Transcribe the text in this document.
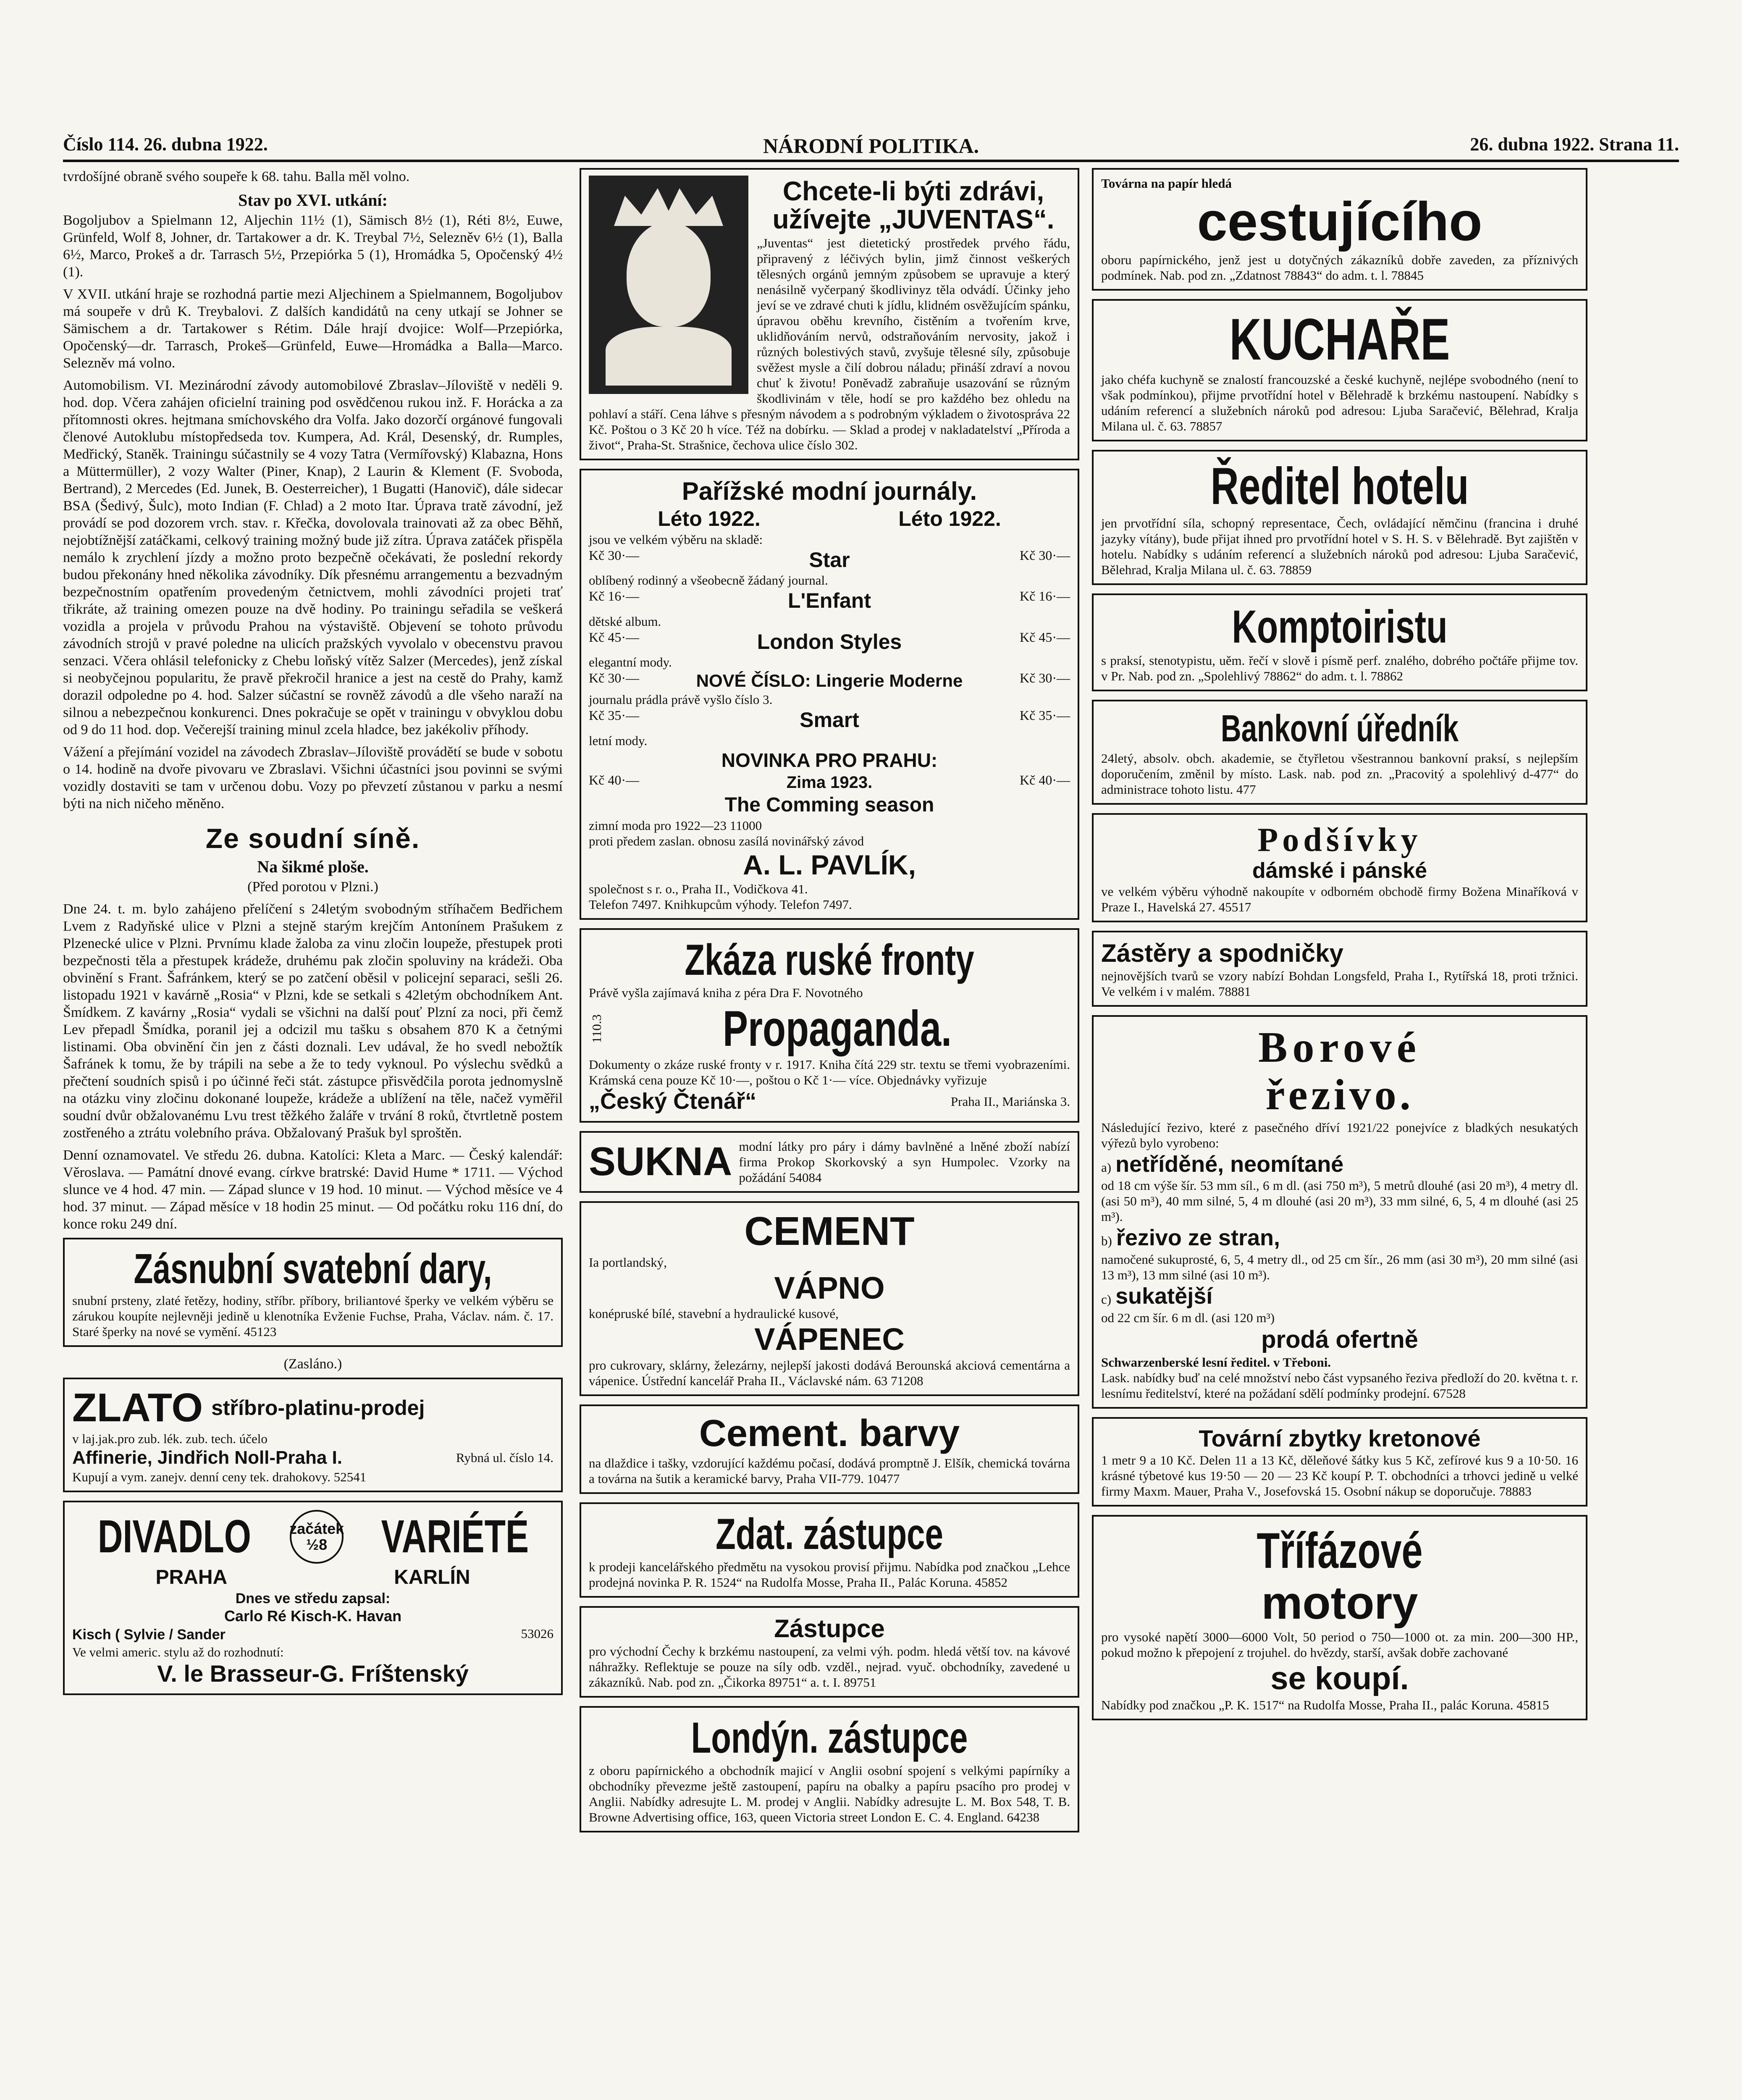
Číslo 114. 26. dubna 1922.	NÁRODNÍ POLITIKA.	26. dubna 1922. Strana 11.

tvrdošíjné obraně svého soupeře k 68. tahu. Balla měl volno.

Stav po XVI. utkání:

Bogoljubov a Spielmann 12, Aljechin 11½ (1), Sämisch 8½ (1), Réti 8½, Euwe, Grünfeld, Wolf 8, Johner, dr. Tartakower a dr. K. Treybal 7½, Selezněv 6½ (1), Balla 6½, Marco, Prokeš a dr. Tarrasch 5½, Przepiórka 5 (1), Hromádka 5, Opočenský 4½ (1).

V XVII. utkání hraje se rozhodná partie mezi Aljechinem a Spielmannem, Bogoljubov má soupeře v drů K. Treybalovi. Z dalších kandidátů na ceny utkají se Johner se Sämischem a dr. Tartakower s Rétim. Dále hrají dvojice: Wolf—Przepiórka, Opočenský—dr. Tarrasch, Prokeš—Grünfeld, Euwe—Hromádka a Balla—Marco. Selezněv má volno.

Automobilism. VI. Mezinárodní závody automobilové Zbraslav–Jíloviště v neděli 9. hod. dop. Včera zahájen oficielní training pod osvědčenou rukou inž. F. Horácka a za přítomnosti okres. hejtmana smíchovského dra Volfa. Jako dozorčí orgánové fungovali členové Autoklubu místopředseda tov. Kumpera, Ad. Král, Desenský, dr. Rumples, Medřický, Staněk. Trainingu súčastnily se 4 vozy Tatra (Vermířovský) Klabazna, Hons a Müttermüller), 2 vozy Walter (Piner, Knap), 2 Laurin & Klement (F. Svoboda, Bertrand), 2 Mercedes (Ed. Junek, B. Oesterreicher), 1 Bugatti (Hanovič), dále sidecar BSA (Šedivý, Šulc), moto Indian (F. Chlad) a 2 moto Itar. Úprava tratě závodní, jež provádí se pod dozorem vrch. stav. r. Křečka, dovolovala trainovati až za obec Běhň, nejobtížnější zatáčkami, celkový training možný bude již zítra. Úprava zatáček přispěla nemálo k zrychlení jízdy a možno proto bezpečně očekávati, že poslední rekordy budou překonány hned několika závodníky. Dík přesnému arrangementu a bezvadným bezpečnostním opatřením provedeným četnictvem, mohli závodníci projeti trať třikráte, až training omezen pouze na dvě hodiny. Po trainingu seřadila se veškerá vozidla a projela v průvodu Prahou na výstaviště. Objevení se tohoto průvodu závodních strojů v pravé poledne na ulicích pražských vyvolalo v obecenstvu pravou senzaci. Včera ohlásil telefonicky z Chebu loňský vítěz Salzer (Mercedes), jenž získal si neobyčejnou popularitu, že pravě překročil hranice a jest na cestě do Prahy, kamž dorazil odpoledne po 4. hod. Salzer súčastní se rovněž závodů a dle všeho naraží na silnou a nebezpečnou konkurenci. Dnes pokračuje se opět v trainingu v obvyklou dobu od 9 do 11 hod. dop. Večerejší training minul zcela hladce, bez jakékoliv příhody.

Vážení a přejímání vozidel na závodech Zbraslav–Jíloviště provádětí se bude v sobotu o 14. hodině na dvoře pivovaru ve Zbraslavi. Všichni účastníci jsou povinni se svými vozidly dostaviti se tam v určenou dobu. Vozy po převzetí zůstanou v parku a nesmí býti na nich ničeho měněno.

Ze soudní síně.
Na šikmé ploše.

(Před porotou v Plzni.)

Dne 24. t. m. bylo zahájeno přelíčení s 24letým svobodným stříhačem Bedřichem Lvem z Radyňské ulice v Plzni a stejně starým krejčím Antonínem Prašukem z Plzenecké ulice v Plzni. Prvnímu klade žaloba za vinu zločin loupeže, přestupek proti bezpečnosti těla a přestupek krádeže, druhému pak zločin spoluviny na krádeži. Oba obvinění s Frant. Šafránkem, který se po zatčení oběsil v policejní separaci, sešli 26. listopadu 1921 v kavárně „Rosia“ v Plzni, kde se setkali s 42letým obchodníkem Ant. Šmídkem. Z kavárny „Rosia“ vydali se všichni na další pouť Plzní za noci, při čemž Lev přepadl Šmídka, poranil jej a odcizil mu tašku s obsahem 870 K a četnými listinami. Oba obvinění čin jen z části doznali. Lev udával, že ho svedl nebožtík Šafránek k tomu, že by trápili na sebe a že to tedy vyknoul. Po výslechu svědků a přečtení soudních spisů i po účinné řeči stát. zástupce přisvědčila porota jednomyslně na otázku viny zločinu dokonané loupeže, krádeže a ublížení na těle, načež vyměřil soudní dvůr obžalovanému Lvu trest těžkého žaláře v trvání 8 roků, čtvrtletně postem zostřeného a ztrátu volebního práva. Obžalovaný Prašuk byl sproštěn.

Denní oznamovatel. Ve středu 26. dubna. Katolíci: Kleta a Marc. — Český kalendář: Věroslava. — Památní dnové evang. církve bratrské: David Hume * 1711. — Východ slunce ve 4 hod. 47 min. — Západ slunce v 19 hod. 10 minut. — Východ měsíce ve 4 hod. 37 minut. — Západ měsíce v 18 hodin 25 minut. — Od počátku roku 116 dní, do konce roku 249 dní.

Zásnubní svatební dary,
snubní prsteny, zlaté řetězy, hodiny, stříbr. příbory, briliantové šperky ve velkém výběru se zárukou koupíte nejlevněji jedině u klenotníka Evženie Fuchse, Praha, Václav. nám. č. 17. Staré šperky na nové se vymění. 45123

(Zasláno.)

ZLATO stříbro-platinu-prodej
v laj.jak.pro zub. lék. zub. tech. účelo
Affinerie, Jindřich Noll-Praha I.	Rybná ul. číslo 14.
Kupují a vym. zanejv. denní ceny tek. drahokovy. 52541
DIVADLO	začátek ½8	VARIÉTÉ
PRAHA	KARLÍN
Dnes ve středu zapsal:
Carlo Ré Kisch-K. Havan
Kisch ( Sylvie / Sander	53026
Ve velmi americ. stylu až do rozhodnutí:
V. le Brasseur-G. Fríštenský
Chcete-li býti zdrávi, užívejte „JUVENTAS“.
„Juventas“ jest dietetický prostředek prvého řádu, připravený z léčivých bylin, jimž činnost veškerých tělesných orgánů jemným způsobem se upravuje a který nenásilně vyčerpaný škodlivinyz těla odvádí. Účinky jeho jeví se ve zdravé chuti k jídlu, klidném osvěžujícím spánku, úpravou oběhu krevního, čistěním a tvořením krve, uklidňováním nervů, odstraňováním nervosity, jakož i různých bolestivých stavů, zvyšuje tělesné síly, způsobuje svěžest mysle a čilí dobrou náladu; přináší zdraví a novou chuť k životu! Poněvadž zabraňuje usazování se různým škodlivinám v těle, hodí se pro každého bez ohledu na pohlaví a stáří. Cena láhve s přesným návodem a s podrobným výkladem o životospráva 22 Kč. Poštou o 3 Kč 20 h více. Též na dobírku. — Sklad a prodej v nakladatelství „Příroda a život“, Praha-St. Strašnice, čechova ulice číslo 302.
Pařížské modní journály.
Léto 1922.	Léto 1922.
jsou ve velkém výběru na skladě:
Kč 30·—	Star	Kč 30·—
oblíbený rodinný a všeobecně žádaný journal.
Kč 16·—	L'Enfant	Kč 16·—
dětské album.
Kč 45·—	London Styles	Kč 45·—
elegantní mody.
Kč 30·—	NOVÉ ČÍSLO: Lingerie Moderne	Kč 30·—
journalu prádla právě vyšlo číslo 3.
Kč 35·—	Smart	Kč 35·—
letní mody.
NOVINKA PRO PRAHU:
Kč 40·—	Zima 1923.	Kč 40·—
The Comming season
zimní moda pro 1922—23 11000
proti předem zaslan. obnosu zasílá novinářský závod
A. L. PAVLÍK,
společnost s r. o., Praha II., Vodičkova 41.
Telefon 7497. Knihkupcům výhody. Telefon 7497.
Zkáza ruské fronty
Právě vyšla zajímavá kniha z péra Dra F. Novotného
110.3	Propaganda.
Dokumenty o zkáze ruské fronty v r. 1917. Kniha čítá 229 str. textu se třemi vyobrazeními. Krámská cena pouze Kč 10·—, poštou o Kč 1·— více. Objednávky vyřizuje
„Český Čtenář“	Praha II., Mariánska 3.
SUKNA modní látky pro páry i dámy bavlněné a lněné zboží nabízí firma Prokop Skorkovský a syn Humpolec. Vzorky na požádání 54084
CEMENT
Ia portlandský,
VÁPNO
konépruské bílé, stavební a hydraulické kusové,
VÁPENEC
pro cukrovary, sklárny, železárny, nejlepší jakosti dodává Berounská akciová cementárna a vápenice. Ústřední kancelář Praha II., Václavské nám. 63 71208
Cement. barvy
na dlaždice i tašky, vzdorující každému počasí, dodává promptně J. Elšík, chemická továrna a továrna na šutik a keramické barvy, Praha VII-779. 10477
Zdat. zástupce
k prodeji kancelářského předmětu na vysokou provisí přijmu. Nabídka pod značkou „Lehce prodejná novinka P. R. 1524“ na Rudolfa Mosse, Praha II., Palác Koruna. 45852
Zástupce
pro východní Čechy k brzkému nastoupení, za velmi výh. podm. hledá větší tov. na kávové náhražky. Reflektuje se pouze na síly odb. vzděl., nejrad. vyuč. obchodníky, zavedené u zákazníků. Nab. pod zn. „Čikorka 89751“ a. t. I. 89751
Londýn. zástupce
z oboru papírnického a obchodník majicí v Anglii osobní spojení s velkými papírníky a obchodníky převezme ještě zastoupení, papíru na obalky a papíru psacího pro prodej v Anglii. Nabídky adresujte L. M. prodej v Anglii. Nabídky adresujte L. M. Box 548, T. B. Browne Advertising office, 163, queen Victoria street London E. C. 4. England. 64238
Továrna na papír hledá
cestujícího
oboru papírnického, jenž jest u dotyčných zákazníků dobře zaveden, za příznivých podmínek. Nab. pod zn. „Zdatnost 78843“ do adm. t. l. 78845
KUCHAŘE
jako chéfa kuchyně se znalostí francouzské a české kuchyně, nejlépe svobodného (není to však podmínkou), přijme prvotřídní hotel v Bělehradě k brzkému nastoupení. Nabídky s udáním referencí a služebních nároků pod adresou: Ljuba Saračević, Bělehrad, Kralja Milana ul. č. 63. 78857
Ředitel hotelu
jen prvotřídní síla, schopný representace, Čech, ovládající němčinu (francina i druhé jazyky vítány), bude přijat ihned pro prvotřídní hotel v S. H. S. v Bělehradě. Byt zajištěn v hotelu. Nabídky s udáním referencí a služebních nároků pod adresou: Ljuba Saračević, Bělehrad, Kralja Milana ul. č. 63. 78859
Komptoiristu
s praksí, stenotypistu, uěm. řečí v slově i písmě perf. znalého, dobrého počtáře přijme tov. v Pr. Nab. pod zn. „Spolehlivý 78862“ do adm. t. l. 78862
Bankovní úředník
24letý, absolv. obch. akademie, se čtyřletou všestrannou bankovní praksí, s nejlepším doporučením, změnil by místo. Lask. nab. pod zn. „Pracovitý a spolehlivý d-477“ do administrace tohoto listu. 477
Podšívky
dámské i pánské
ve velkém výběru výhodně nakoupíte v odborném obchodě firmy Božena Minaříková v Praze I., Havelská 27. 45517
Zástěry a spodničky
nejnovějších tvarů se vzory nabízí Bohdan Longsfeld, Praha I., Rytířská 18, proti tržnici. Ve velkém i v malém. 78881
Borové
řezivo.
Následující řezivo, které z pasečného dříví 1921/22 ponejvíce z bladkých nesukatých výřezů bylo vyrobeno:
a) netříděné, neomítané
od 18 cm výše šír. 53 mm síl., 6 m dl. (asi 750 m³), 5 metrů dlouhé (asi 20 m³), 4 metry dl. (asi 50 m³), 40 mm silné, 5, 4 m dlouhé (asi 20 m³), 33 mm silné, 6, 5, 4 m dlouhé (asi 25 m³).
b) řezivo ze stran,
namočené sukuprosté, 6, 5, 4 metry dl., od 25 cm šír., 26 mm (asi 30 m³), 20 mm silné (asi 13 m³), 13 mm silné (asi 10 m³).
c) sukatější
od 22 cm šír. 6 m dl. (asi 120 m³)
prodá ofertně
Schwarzenberské lesní ředitel. v Třeboni.
Lask. nabídky buď na celé množství nebo část vypsaného řeziva předloží do 20. května t. r. lesnímu ředitelství, které na požádaní sdělí podmínky prodejní. 67528
Tovární zbytky kretonové
1 metr 9 a 10 Kč. Delen 11 a 13 Kč, děleňové šátky kus 5 Kč, zefírové kus 9 a 10·50. 16 krásné týbetové kus 19·50 — 20 — 23 Kč koupí P. T. obchodníci a trhovci jedině u velké firmy Maxm. Mauer, Praha V., Josefovská 15. Osobní nákup se doporučuje. 78883
Třífázové
motory
pro vysoké napětí 3000—6000 Volt, 50 period o 750—1000 ot. za min. 200—300 HP., pokud možno k přepojení z trojuhel. do hvězdy, starší, avšak dobře zachované
se koupí.
Nabídky pod značkou „P. K. 1517“ na Rudolfa Mosse, Praha II., palác Koruna. 45815
